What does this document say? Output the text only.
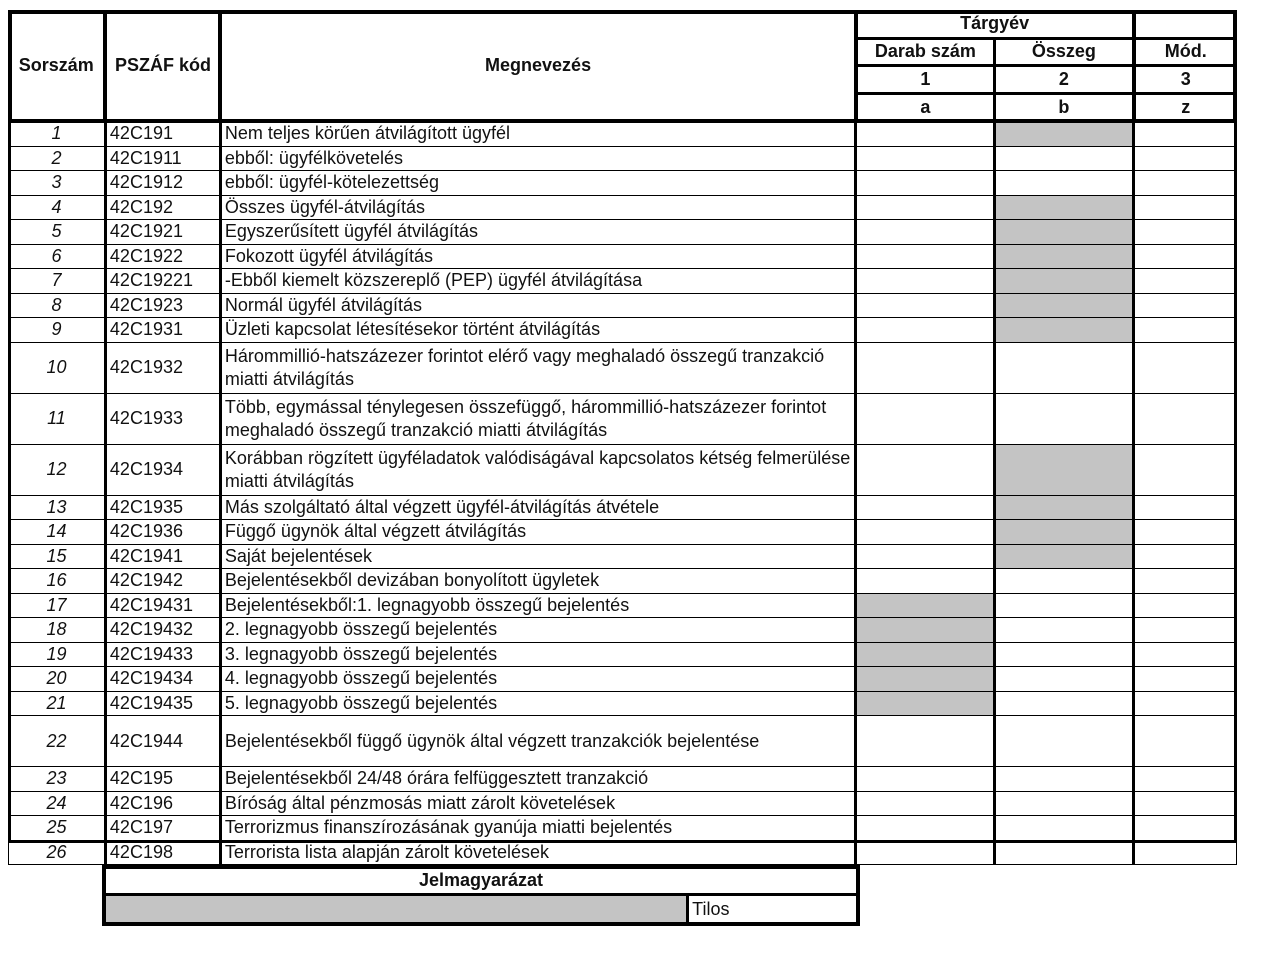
Sorszám	PSZÁF kód	Megnevezés	Tárgyév		
			Darab szám	Összeg	Mód.
			1	2	3
			a	b	z
1	42C191	Nem teljes körűen átvilágított ügyfél			
2	42C1911	ebből: ügyfélkövetelés			
3	42C1912	ebből: ügyfél-kötelezettség			
4	42C192	Összes ügyfél-átvilágítás			
5	42C1921	Egyszerűsített ügyfél átvilágítás			
6	42C1922	Fokozott ügyfél átvilágítás			
7	42C19221	-Ebből kiemelt közszereplő (PEP) ügyfél átvilágítása			
8	42C1923	Normál ügyfél átvilágítás			
9	42C1931	Üzleti kapcsolat létesítésekor történt átvilágítás			
10	42C1932	Hárommillió-hatszázezer forintot elérő vagy meghaladó összegű tranzakció miatti átvilágítás			
11	42C1933	Több, egymással ténylegesen összefüggő, hárommillió-hatszázezer forintot meghaladó összegű tranzakció miatti átvilágítás			
12	42C1934	Korábban rögzített ügyféladatok valódiságával kapcsolatos kétség felmerülése miatti átvilágítás			
13	42C1935	Más szolgáltató által végzett ügyfél-átvilágítás átvétele			
14	42C1936	Függő ügynök által végzett átvilágítás			
15	42C1941	Saját bejelentések			
16	42C1942	Bejelentésekből devizában bonyolított ügyletek			
17	42C19431	Bejelentésekből:1. legnagyobb összegű bejelentés			
18	42C19432	2. legnagyobb összegű bejelentés			
19	42C19433	3. legnagyobb összegű bejelentés			
20	42C19434	4. legnagyobb összegű bejelentés			
21	42C19435	5. legnagyobb összegű bejelentés			
22	42C1944	Bejelentésekből függő ügynök által végzett tranzakciók bejelentése			
23	42C195	Bejelentésekből 24/48 órára felfüggesztett tranzakció			
24	42C196	Bíróság által pénzmosás miatt zárolt követelések			
25	42C197	Terrorizmus finanszírozásának gyanúja miatti bejelentés			
26	42C198	Terrorista lista alapján zárolt követelések			
Jelmagyarázat
	Tilos
